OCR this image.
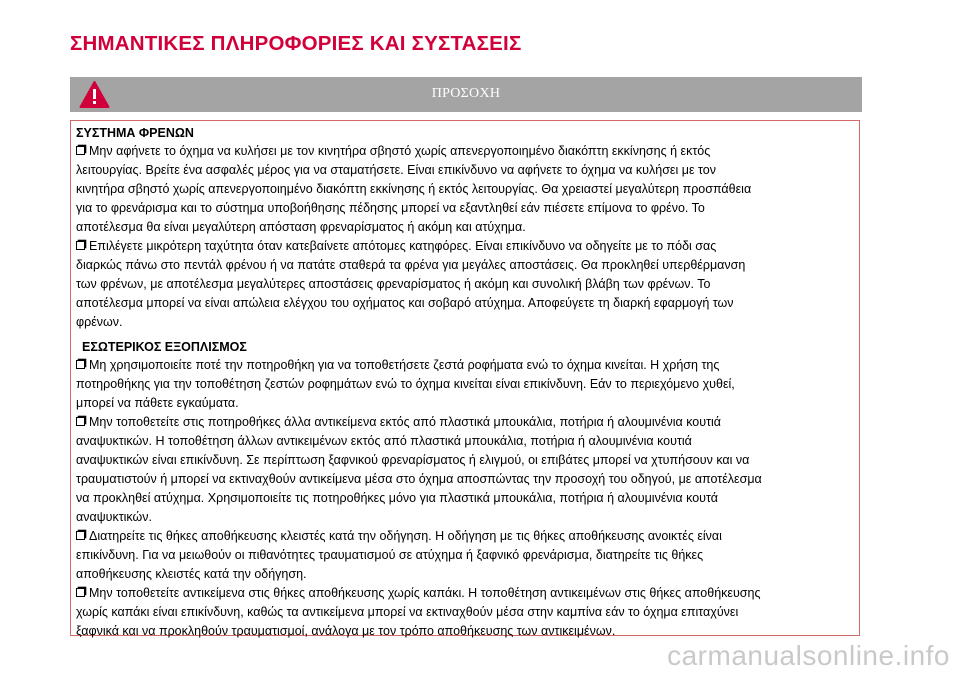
ΣΗΜΑΝΤΙΚΕΣ ΠΛΗΡΟΦΟΡΙΕΣ ΚΑΙ ΣΥΣΤΑΣΕΙΣ
ΠΡΟΣΟΧΗ
ΣΥΣΤΗΜΑ ΦΡΕΝΩΝ
Μην αφήνετε το όχημα να κυλήσει με τον κινητήρα σβηστό χωρίς απενεργοποιημένο διακόπτη εκκίνησης ή εκτός
λειτουργίας. Βρείτε ένα ασφαλές μέρος για να σταματήσετε. Είναι επικίνδυνο να αφήνετε το όχημα να κυλήσει με τον
κινητήρα σβηστό χωρίς απενεργοποιημένο διακόπτη εκκίνησης ή εκτός λειτουργίας. Θα χρειαστεί μεγαλύτερη προσπάθεια
για το φρενάρισμα και το σύστημα υποβοήθησης πέδησης μπορεί να εξαντληθεί εάν πιέσετε επίμονα το φρένο. Το
αποτέλεσμα θα είναι μεγαλύτερη απόσταση φρεναρίσματος ή ακόμη και ατύχημα.
Επιλέγετε μικρότερη ταχύτητα όταν κατεβαίνετε απότομες κατηφόρες. Είναι επικίνδυνο να οδηγείτε με το πόδι σας
διαρκώς πάνω στο πεντάλ φρένου ή να πατάτε σταθερά τα φρένα για μεγάλες αποστάσεις. Θα προκληθεί υπερθέρμανση
των φρένων, με αποτέλεσμα μεγαλύτερες αποστάσεις φρεναρίσματος ή ακόμη και συνολική βλάβη των φρένων. Το
αποτέλεσμα μπορεί να είναι απώλεια ελέγχου του οχήματος και σοβαρό ατύχημα. Αποφεύγετε τη διαρκή εφαρμογή των
φρένων.
ΕΣΩΤΕΡΙΚΟΣ ΕΞΟΠΛΙΣΜΟΣ
Μη χρησιμοποιείτε ποτέ την ποτηροθήκη για να τοποθετήσετε ζεστά ροφήματα ενώ το όχημα κινείται. Η χρήση της
ποτηροθήκης για την τοποθέτηση ζεστών ροφημάτων ενώ το όχημα κινείται είναι επικίνδυνη. Εάν το περιεχόμενο χυθεί,
μπορεί να πάθετε εγκαύματα.
Μην τοποθετείτε στις ποτηροθήκες άλλα αντικείμενα εκτός από πλαστικά μπουκάλια, ποτήρια ή αλουμινένια κουτιά
αναψυκτικών. Η τοποθέτηση άλλων αντικειμένων εκτός από πλαστικά μπουκάλια, ποτήρια ή αλουμινένια κουτιά
αναψυκτικών είναι επικίνδυνη. Σε περίπτωση ξαφνικού φρεναρίσματος ή ελιγμού, οι επιβάτες μπορεί να χτυπήσουν και να
τραυματιστούν ή μπορεί να εκτιναχθούν αντικείμενα μέσα στο όχημα αποσπώντας την προσοχή του οδηγού, με αποτέλεσμα
να προκληθεί ατύχημα. Χρησιμοποιείτε τις ποτηροθήκες μόνο για πλαστικά μπουκάλια, ποτήρια ή αλουμινένια κουτά
αναψυκτικών.
Διατηρείτε τις θήκες αποθήκευσης κλειστές κατά την οδήγηση. Η οδήγηση με τις θήκες αποθήκευσης ανοικτές είναι
επικίνδυνη. Για να μειωθούν οι πιθανότητες τραυματισμού σε ατύχημα ή ξαφνικό φρενάρισμα, διατηρείτε τις θήκες
αποθήκευσης κλειστές κατά την οδήγηση.
Μην τοποθετείτε αντικείμενα στις θήκες αποθήκευσης χωρίς καπάκι. Η τοποθέτηση αντικειμένων στις θήκες αποθήκευσης
χωρίς καπάκι είναι επικίνδυνη, καθώς τα αντικείμενα μπορεί να εκτιναχθούν μέσα στην καμπίνα εάν το όχημα επιταχύνει
ξαφνικά και να προκληθούν τραυματισμοί, ανάλογα με τον τρόπο αποθήκευσης των αντικειμένων.
carmanualsonline.info
